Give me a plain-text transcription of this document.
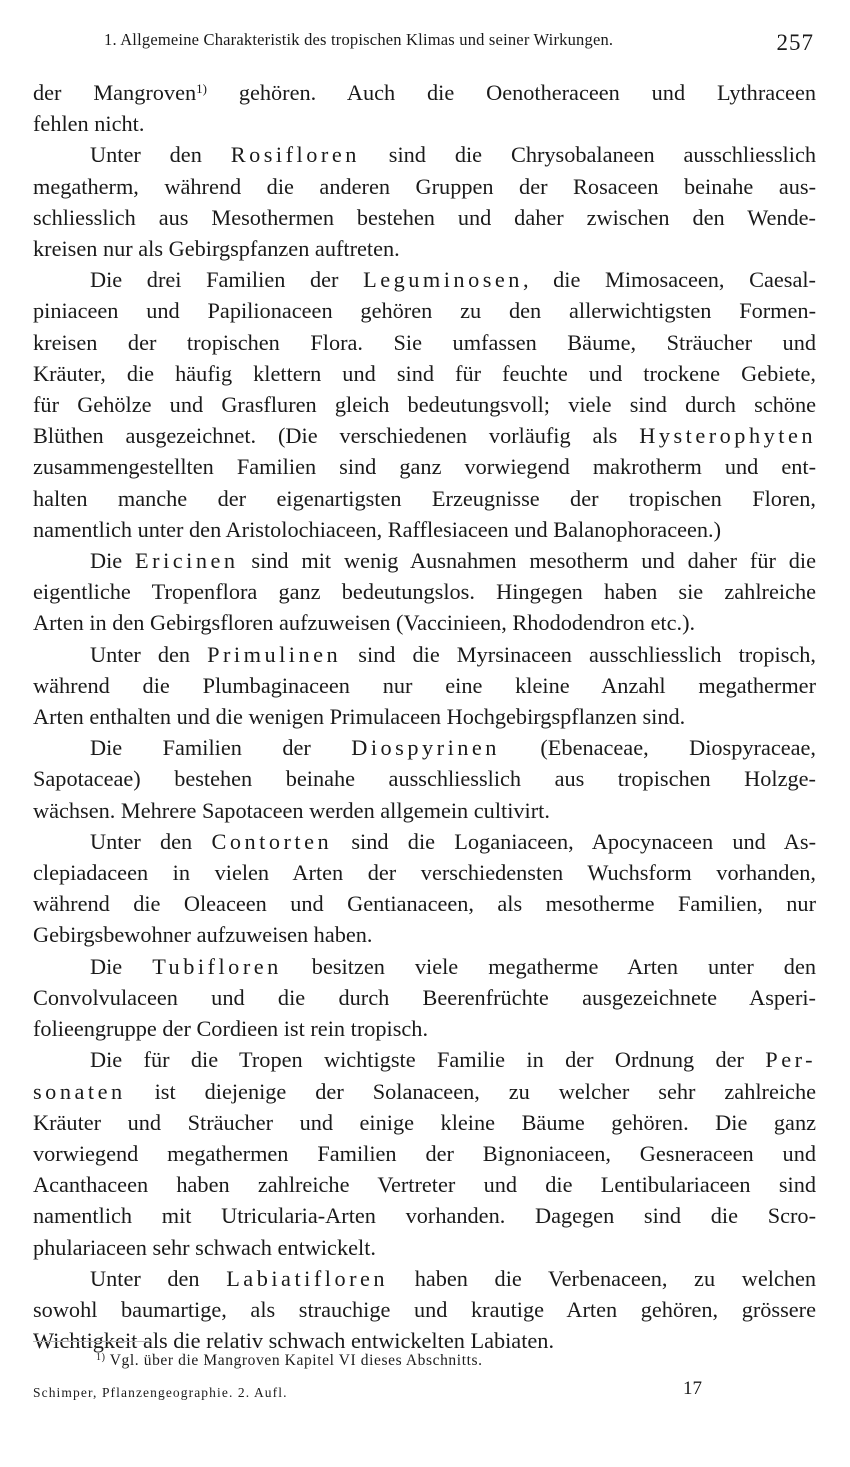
1. Allgemeine Charakteristik des tropischen Klimas und seiner Wirkungen.	257
der Mangroven$^{1)}$ gehören. Auch die Oenotheraceen und Lythraceen
fehlen nicht.
Unter den Rosifloren sind die Chrysobalaneen ausschliesslich
megatherm, während die anderen Gruppen der Rosaceen beinahe aus-
schliesslich aus Mesothermen bestehen und daher zwischen den Wende-
kreisen nur als Gebirgspfanzen auftreten.
Die drei Familien der Leguminosen, die Mimosaceen, Caesal-
piniaceen und Papilionaceen gehören zu den allerwichtigsten Formen-
kreisen der tropischen Flora. Sie umfassen Bäume, Sträucher und
Kräuter, die häufig klettern und sind für feuchte und trockene Gebiete,
für Gehölze und Grasfluren gleich bedeutungsvoll; viele sind durch schöne
Blüthen ausgezeichnet. (Die verschiedenen vorläufig als Hysterophyten
zusammengestellten Familien sind ganz vorwiegend makrotherm und ent-
halten manche der eigenartigsten Erzeugnisse der tropischen Floren,
namentlich unter den Aristolochiaceen, Rafflesiaceen und Balanophoraceen.)
Die Ericinen sind mit wenig Ausnahmen mesotherm und daher für die
eigentliche Tropenflora ganz bedeutungslos. Hingegen haben sie zahlreiche
Arten in den Gebirgsfloren aufzuweisen (Vaccinieen, Rhododendron etc.).
Unter den Primulinen sind die Myrsinaceen ausschliesslich tropisch,
während die Plumbaginaceen nur eine kleine Anzahl megathermer
Arten enthalten und die wenigen Primulaceen Hochgebirgspflanzen sind.
Die Familien der Diospyrinen (Ebenaceae, Diospyraceae,
Sapotaceae) bestehen beinahe ausschliesslich aus tropischen Holzge-
wächsen. Mehrere Sapotaceen werden allgemein cultivirt.
Unter den Contorten sind die Loganiaceen, Apocynaceen und As-
clepiadaceen in vielen Arten der verschiedensten Wuchsform vorhanden,
während die Oleaceen und Gentianaceen, als mesotherme Familien, nur
Gebirgsbewohner aufzuweisen haben.
Die Tubifloren besitzen viele megatherme Arten unter den
Convolvulaceen und die durch Beerenfrüchte ausgezeichnete Asperi-
folieengruppe der Cordieen ist rein tropisch.
Die für die Tropen wichtigste Familie in der Ordnung der Per-
sonaten ist diejenige der Solanaceen, zu welcher sehr zahlreiche
Kräuter und Sträucher und einige kleine Bäume gehören. Die ganz
vorwiegend megathermen Familien der Bignoniaceen, Gesneraceen und
Acanthaceen haben zahlreiche Vertreter und die Lentibulariaceen sind
namentlich mit Utricularia-Arten vorhanden. Dagegen sind die Scro-
phulariaceen sehr schwach entwickelt.
Unter den Labiatifloren haben die Verbenaceen, zu welchen
sowohl baumartige, als strauchige und krautige Arten gehören, grössere
Wichtigkeit als die relativ schwach entwickelten Labiaten.
$^{1)}$ Vgl. über die Mangroven Kapitel VI dieses Abschnitts.
Schimper, Pflanzengeographie. 2. Aufl.	17
